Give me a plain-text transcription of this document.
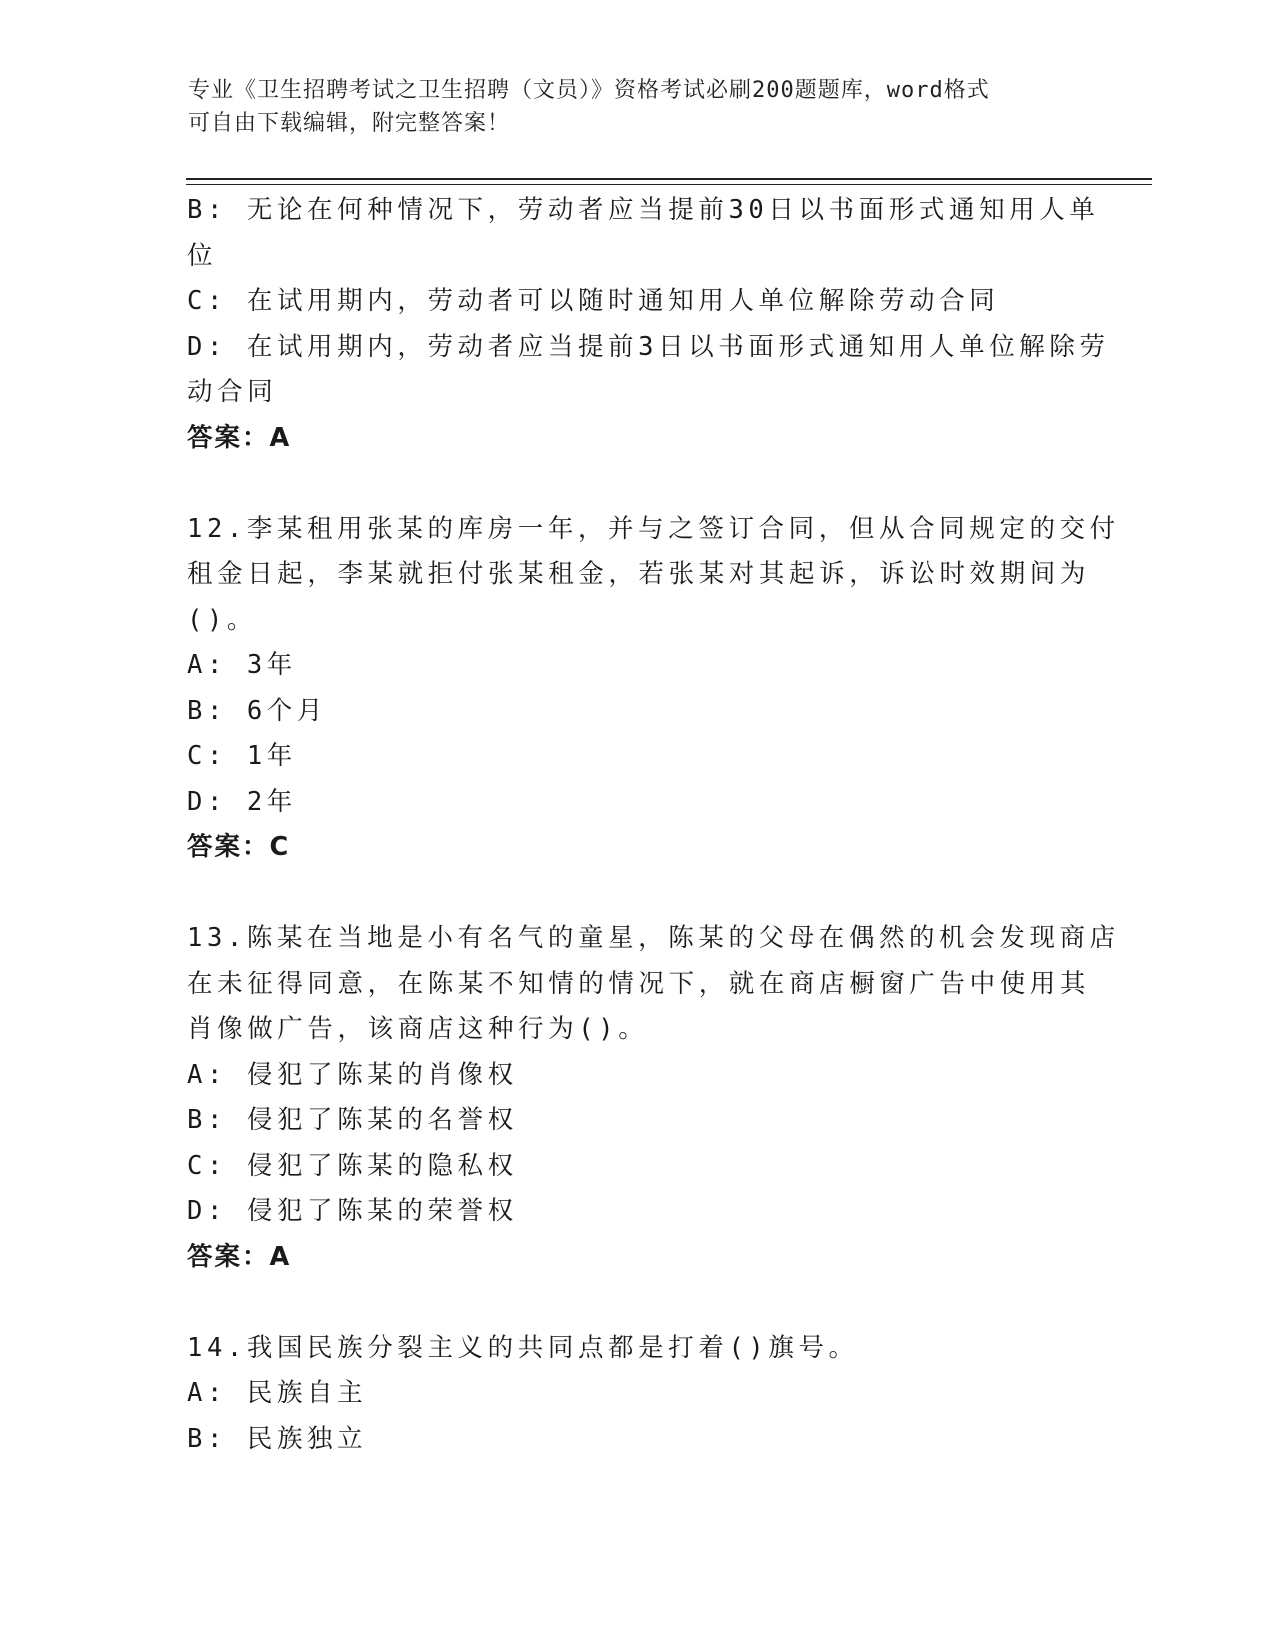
专业《卫生招聘考试之卫生招聘（文员）》资格考试必刷200题题库，word格式
可自由下载编辑，附完整答案！
B: 无论在何种情况下，劳动者应当提前30日以书面形式通知用人单
位
C: 在试用期内，劳动者可以随时通知用人单位解除劳动合同
D: 在试用期内，劳动者应当提前3日以书面形式通知用人单位解除劳
动合同
答案：A
12.李某租用张某的库房一年，并与之签订合同，但从合同规定的交付
租金日起，李某就拒付张某租金，若张某对其起诉，诉讼时效期间为
()。
A: 3年
B: 6个月
C: 1年
D: 2年
答案：C
13.陈某在当地是小有名气的童星，陈某的父母在偶然的机会发现商店
在未征得同意，在陈某不知情的情况下，就在商店橱窗广告中使用其
肖像做广告，该商店这种行为()。
A: 侵犯了陈某的肖像权
B: 侵犯了陈某的名誉权
C: 侵犯了陈某的隐私权
D: 侵犯了陈某的荣誉权
答案：A
14.我国民族分裂主义的共同点都是打着()旗号。
A: 民族自主
B: 民族独立
